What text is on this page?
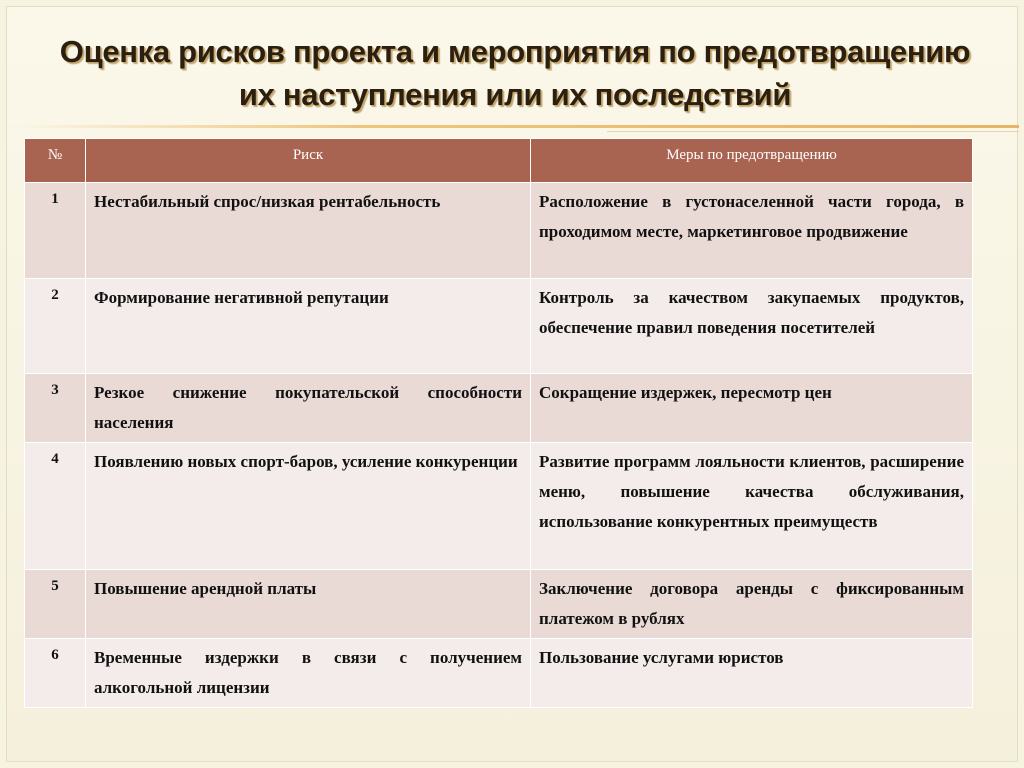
Оценка рисков проекта и мероприятия по предотвращению
их наступления или их последствий
№	Риск	Меры по предотвращению
1	Нестабильный спрос/низкая рентабельность	Расположение в густонаселенной части города, в проходимом месте, маркетинговое продвижение
2	Формирование негативной репутации	Контроль за качеством закупаемых продуктов, обеспечение правил поведения посетителей
3	Резкое снижение покупательской способности населения	Сокращение издержек, пересмотр цен
4	Появлению новых спорт-баров, усиление конкуренции	Развитие программ лояльности клиентов, расширение меню, повышение качества обслуживания, использование конкурентных преимуществ
5	Повышение арендной платы	Заключение договора аренды с фиксированным платежом в рублях
6	Временные издержки в связи с получением алкогольной лицензии	Пользование услугами юристов
